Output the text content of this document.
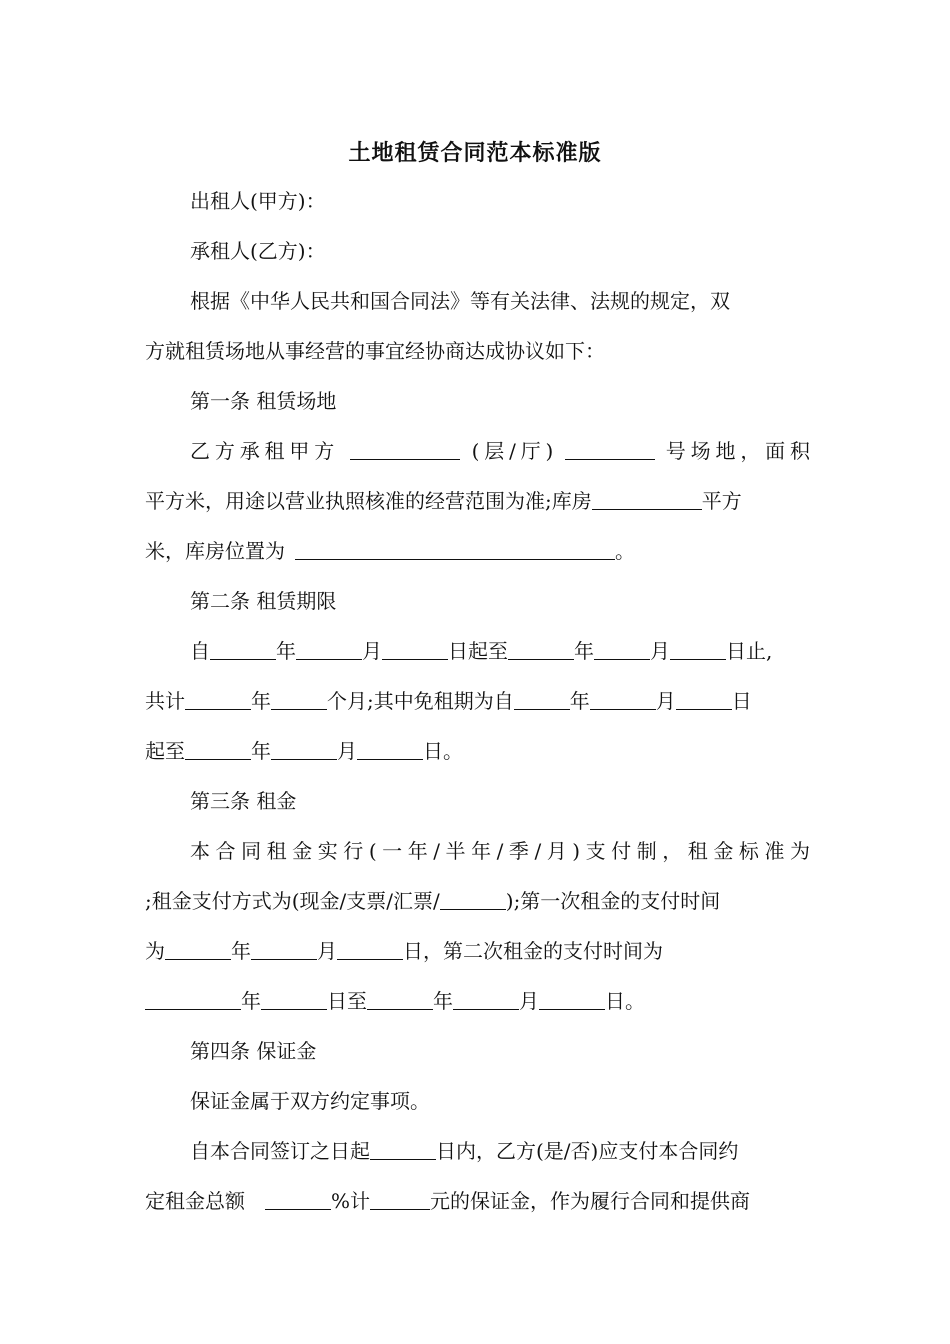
土地租赁合同范本标准版
出租人(甲方)：
承租人(乙方)：
根据《中华人民共和国合同法》等有关法律、法规的规定，双
方就租赁场地从事经营的事宜经协商达成协议如下：
第一条 租赁场地
乙方承租甲方	(层/厅)	号场地，面积
平方米，用途以营业执照核准的经营范围为准;库房	平方
米，库房位置为	。
第二条 租赁期限
自	年	月	日起至	年	月	日止,
共计	年	个月;其中免租期为自	年	月	日
起至	年	月	日。
第三条 租金
本合同租金实行(一年/半年/季/月)支付制，租金标准为
;租金支付方式为(现金/支票/汇票/	);第一次租金的支付时间
为	年	月	日，第二次租金的支付时间为
年	日至	年	月	日。
第四条 保证金
保证金属于双方约定事项。
自本合同签订之日起	日内，乙方(是/否)应支付本合同约
定租金总额	%计	元的保证金，作为履行合同和提供商
